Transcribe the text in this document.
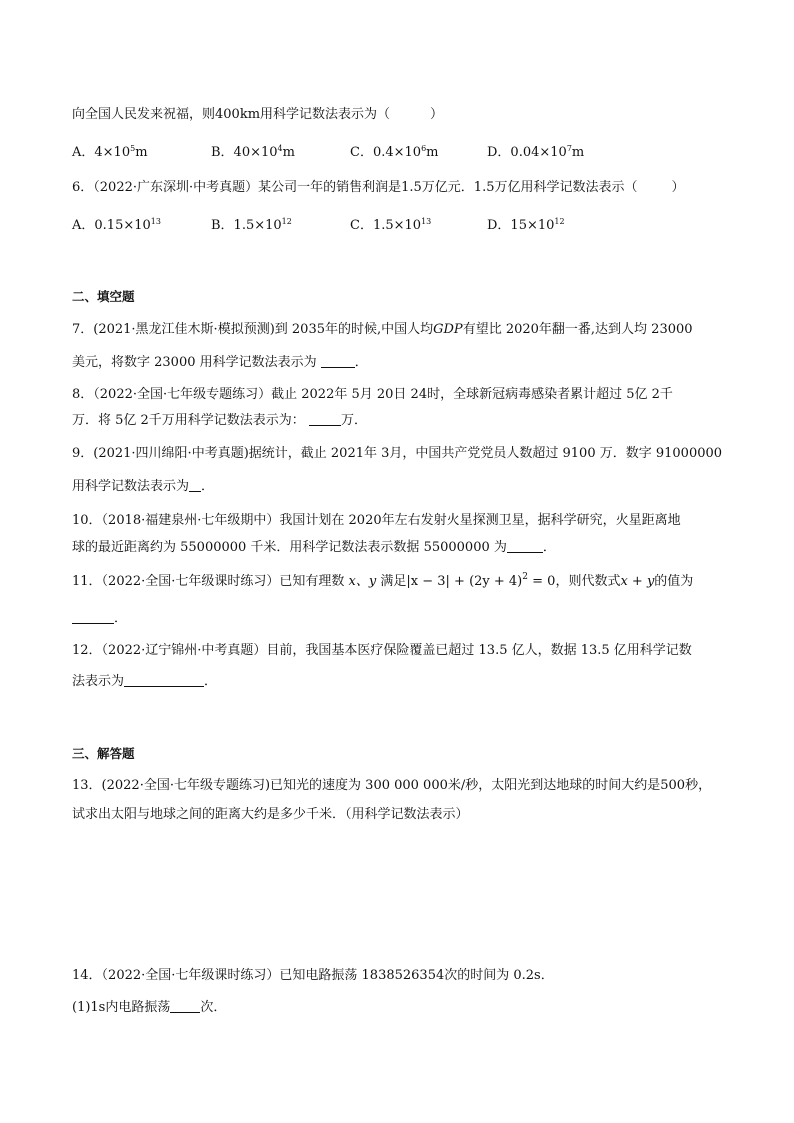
向全国人民发来祝福，则400km用科学记数法表示为（	）
A．$4\times 10^5m$	B．$40\times 10^4m$	C．$0.4\times 10^6m$	D．$0.04\times 10^7m$
6．（2022·广东深圳·中考真题）某公司一年的销售利润是1.5万亿元．1.5万亿用科学记数法表示（	）
A．$0.15\times 10^{13}$	B．$1.5\times 10^{12}$	C．$1.5\times 10^{13}$	D．$15\times 10^{12}$
二、填空题
7．(2021·黑龙江佳木斯·模拟预测)到 2035年的时候,中国人均GDP有望比 2020年翻一番,达到人均 23000
美元，将数字 23000 用科学记数法表示为	．
8．（2022·全国·七年级专题练习）截止 2022年 5月 20日 24时，全球新冠病毒感染者累计超过 5亿 2千
万．将 5亿 2千万用科学记数法表示为：	万．
9．(2021·四川绵阳·中考真题)据统计，截止 2021年 3月，中国共产党党员人数超过 9100 万．数字 91000000
用科学记数法表示为 ．
10．（2018·福建泉州·七年级期中）我国计划在 2020年左右发射火星探测卫星，据科学研究，火星距离地
球的最近距离约为 55000000 千米．用科学记数法表示数据 55000000 为	．
11．（2022·全国·七年级课时练习）已知有理数 x、y 满足$|x - 3| + (2y + 4)^2 = 0$，则代数式x + y的值为
．
12．（2022·辽宁锦州·中考真题）目前，我国基本医疗保险覆盖已超过 13.5 亿人，数据 13.5 亿用科学记数
法表示为	．
三、解答题
13．(2022·全国·七年级专题练习)已知光的速度为 300 000 000米/秒，太阳光到达地球的时间大约是500秒，
试求出太阳与地球之间的距离大约是多少千米．（用科学记数法表示）
14．（2022·全国·七年级课时练习）已知电路振荡 1838526354次的时间为 0.2s．
(1)1s内电路振荡 次．
